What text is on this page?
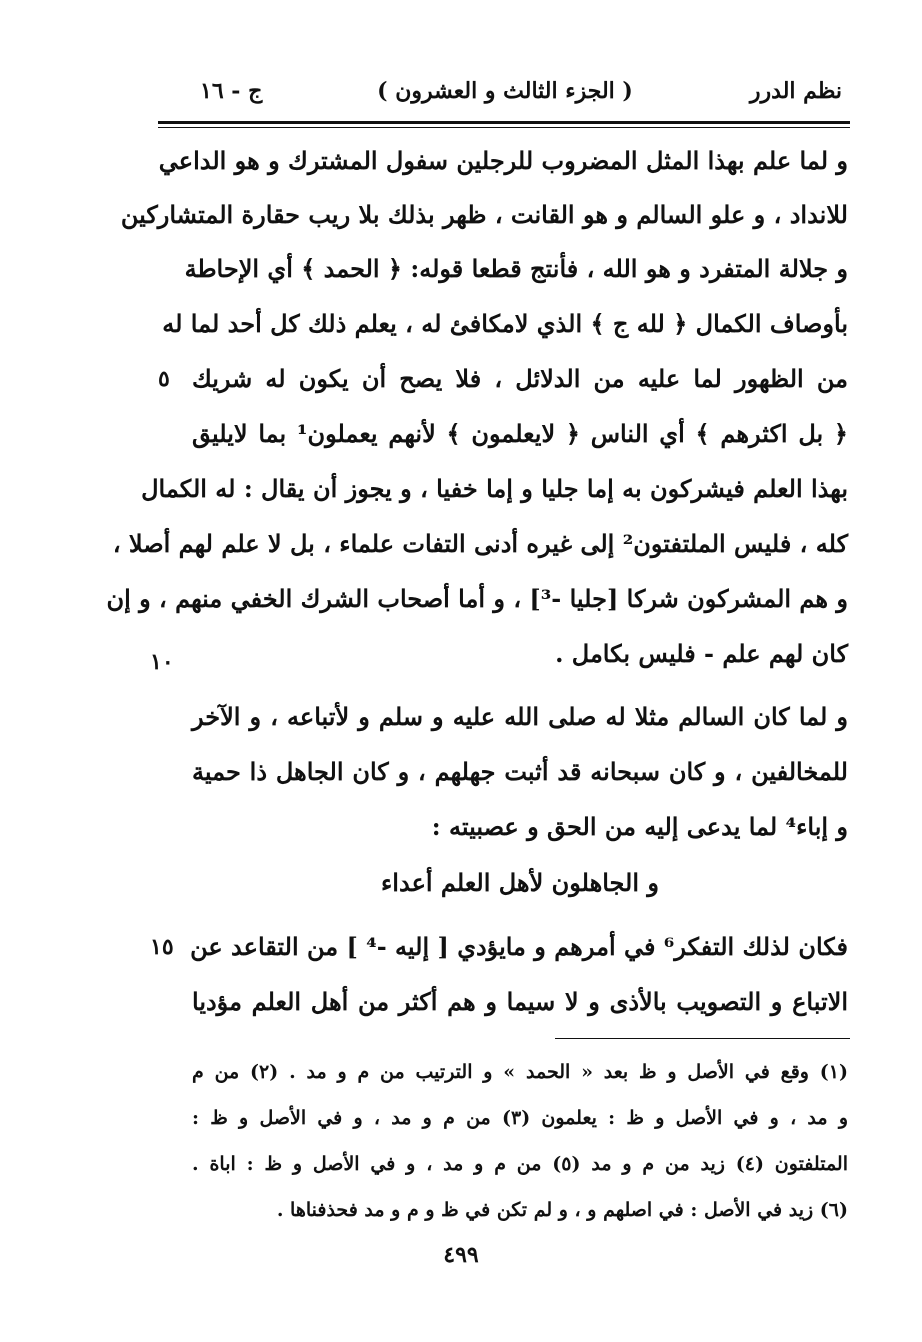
نظم الدرر
( الجزء الثالث و العشرون )
ج - ١٦
و لما علم بهذا المثل المضروب للرجلين سفول المشترك و هو الداعي
للانداد ، و علو السالم و هو القانت ، ظهر بذلك بلا ريب حقارة المتشاركين
و جلالة المتفرد و هو الله ، فأنتج قطعا قوله: ﴿ الحمد ﴾ أي الإحاطة
بأوصاف الكمال ﴿ لله ج ﴾ الذي لامكافئ له ، يعلم ذلك كل أحد لما له
من الظهور لما عليه من الدلائل ، فلا يصح أن يكون له شريك
﴿ بل اكثرهم ﴾ أي الناس ﴿ لايعلمون ﴾ لأنهم يعملون¹ بما لايليق
بهذا العلم فيشركون به إما جليا و إما خفيا ، و يجوز أن يقال : له الكمال
كله ، فليس الملتفتون² إلى غيره أدنى التفات علماء ، بل لا علم لهم أصلا ،
و هم المشركون شركا [جليا -³] ، و أما أصحاب الشرك الخفي منهم ، و إن
كان لهم علم - فليس بكامل .
و لما كان السالم مثلا له صلى الله عليه و سلم و لأتباعه ، و الآخر
للمخالفين ، و كان سبحانه قد أثبت جهلهم ، و كان الجاهل ذا حمية
و إباء⁴ لما يدعى إليه من الحق و عصبيته :
و الجاهلون لأهل العلم أعداء
فكان لذلك التفكر⁶ في أمرهم و مايؤدي [ إليه -⁴ ] من التقاعد عن
الاتباع و التصويب بالأذى و لا سيما و هم أكثر من أهل العلم مؤديا
٥
١٠
١٥
(١) وقع في الأصل و ظ بعد « الحمد » و الترتيب من م و مد . (٢) من م
و مد ، و في الأصل و ظ : يعلمون (٣) من م و مد ، و في الأصل و ظ :
المتلفتون (٤) زيد من م و مد (٥) من م و مد ، و في الأصل و ظ : اباة .
(٦) زيد في الأصل : في اصلهم و ، و لم تكن في ظ و م و مد فحذفناها .
٤٩٩
